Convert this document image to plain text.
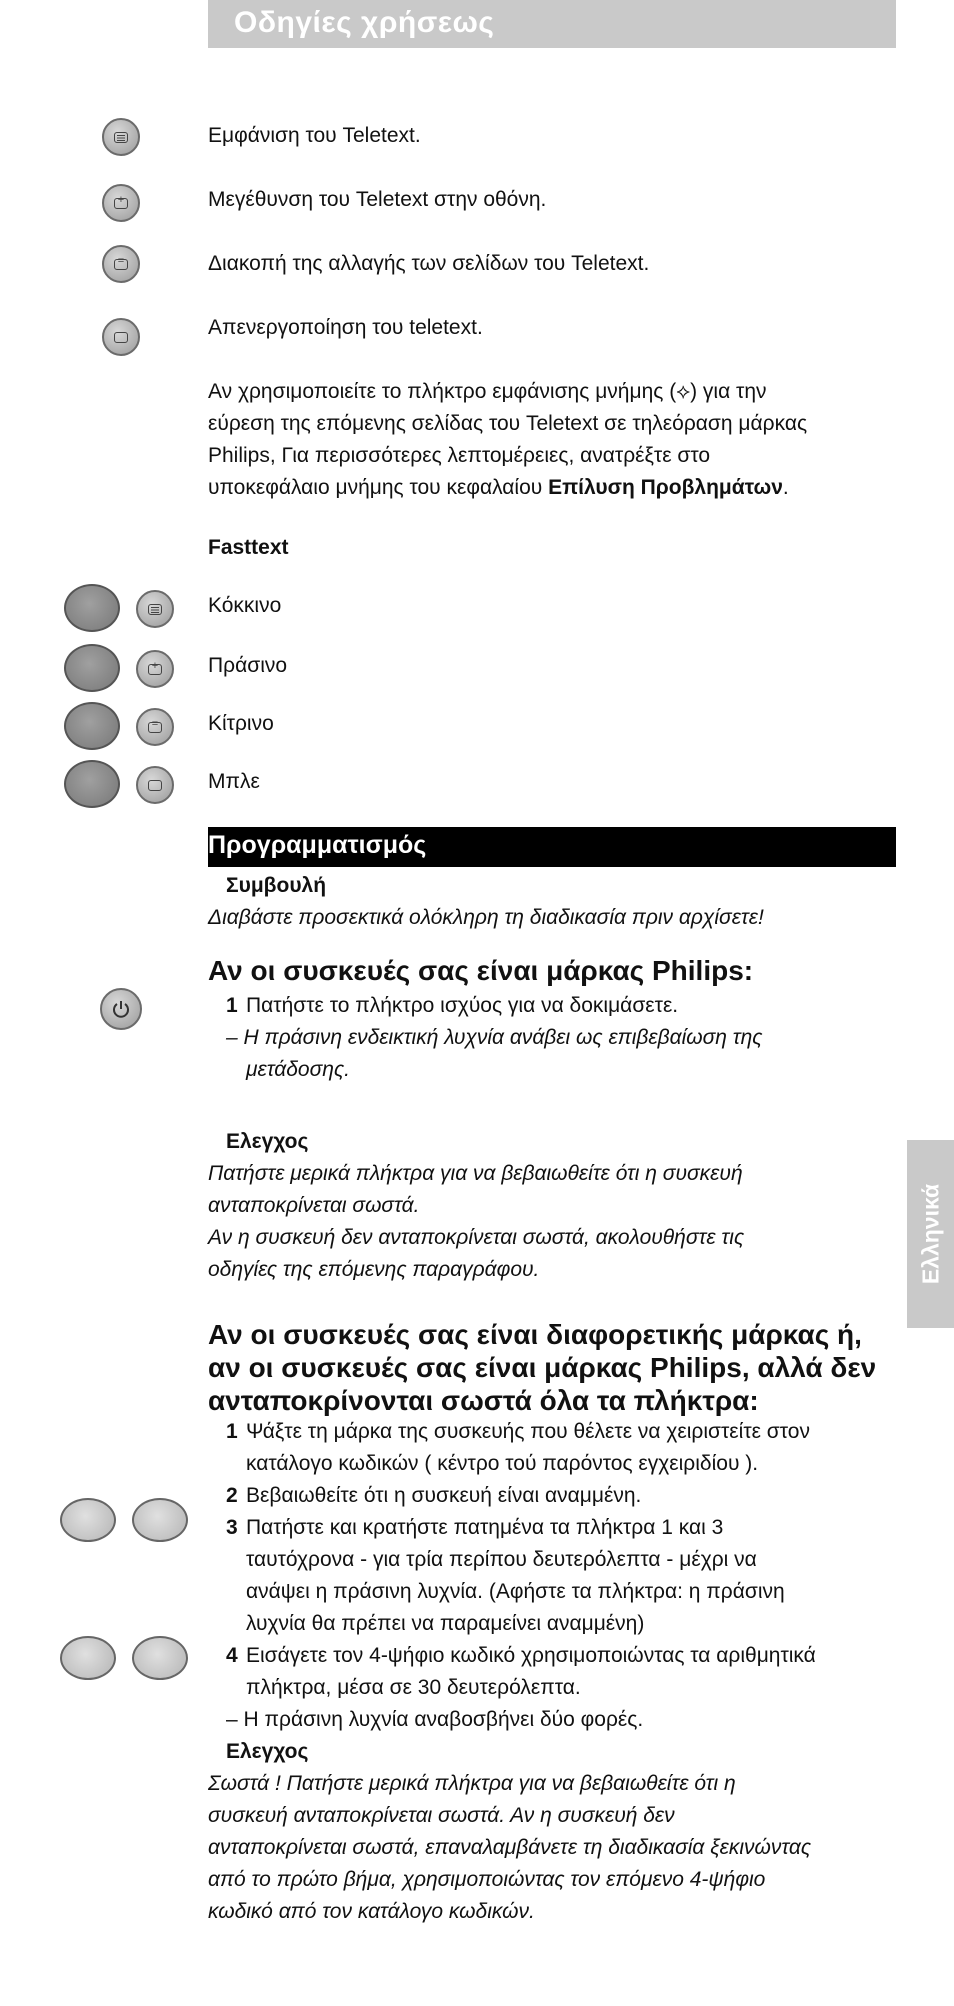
Οδηγίες χρήσεως
Εμφάνιση του Teletext.
+
Μεγέθυνση του Teletext στην οθόνη.
=
Διακοπή της αλλαγής των σελίδων του Teletext.
Απενεργοποίηση του teletext.
Αν χρησιμοποιείτε το πλήκτρο εμφάνισης μνήμης (⟡) για την
εύρεση της επόμενης σελίδας του Teletext σε τηλεόραση μάρκας
Philips, Για περισσότερες λεπτομέρειες, ανατρέξτε στο
υποκεφάλαιο μνήμης του κεφαλαίου Επίλυση Προβλημάτων.
Fasttext
Κόκκινο
+
Πράσινο
=
Κίτρινο
Μπλε
Προγραμματισμός
Συμβουλή
Διαβάστε προσεκτικά ολόκληρη τη διαδικασία πριν αρχίσετε!
Αν οι συσκευές σας είναι μάρκας Philips:
1 Πατήστε το πλήκτρο ισχύος για να δοκιμάσετε.
– Η πράσινη ενδεικτική λυχνία ανάβει ως επιβεβαίωση της
μετάδοσης.
Ελεγχος
Πατήστε μερικά πλήκτρα για να βεβαιωθείτε ότι η συσκευή
ανταποκρίνεται σωστά.
Αν η συσκευή δεν ανταποκρίνεται σωστά, ακολουθήστε τις
οδηγίες της επόμενης παραγράφου.
Αν οι συσκευές σας είναι διαφορετικής μάρκας ή,
αν οι συσκευές σας είναι μάρκας Philips, αλλά δεν
ανταποκρίνονται σωστά όλα τα πλήκτρα:
1 Ψάξτε τη μάρκα της συσκευής που θέλετε να χειριστείτε στον
κατάλογο κωδικών ( κέντρο τού παρόντος εγχειριδίου ).
2 Βεβαιωθείτε ότι η συσκευή είναι αναμμένη.
3 Πατήστε και κρατήστε πατημένα τα πλήκτρα 1 και 3
ταυτόχρονα - για τρία περίπου δευτερόλεπτα - μέχρι να
ανάψει η πράσινη λυχνία. (Αφήστε τα πλήκτρα: η πράσινη
λυχνία θα πρέπει να παραμείνει αναμμένη)
4 Εισάγετε τον 4-ψήφιο κωδικό χρησιμοποιώντας τα αριθμητικά
πλήκτρα, μέσα σε 30 δευτερόλεπτα.
– Η πράσινη λυχνία αναβοσβήνει δύο φορές.
Ελεγχος
Σωστά ! Πατήστε μερικά πλήκτρα για να βεβαιωθείτε ότι η
συσκευή ανταποκρίνεται σωστά. Αν η συσκευή δεν
ανταποκρίνεται σωστά, επαναλαμβάνετε τη διαδικασία ξεκινώντας
από το πρώτο βήμα, χρησιμοποιώντας τον επόμενο 4-ψήφιο
κωδικό από τον κατάλογο κωδικών.
Ελληνικά
